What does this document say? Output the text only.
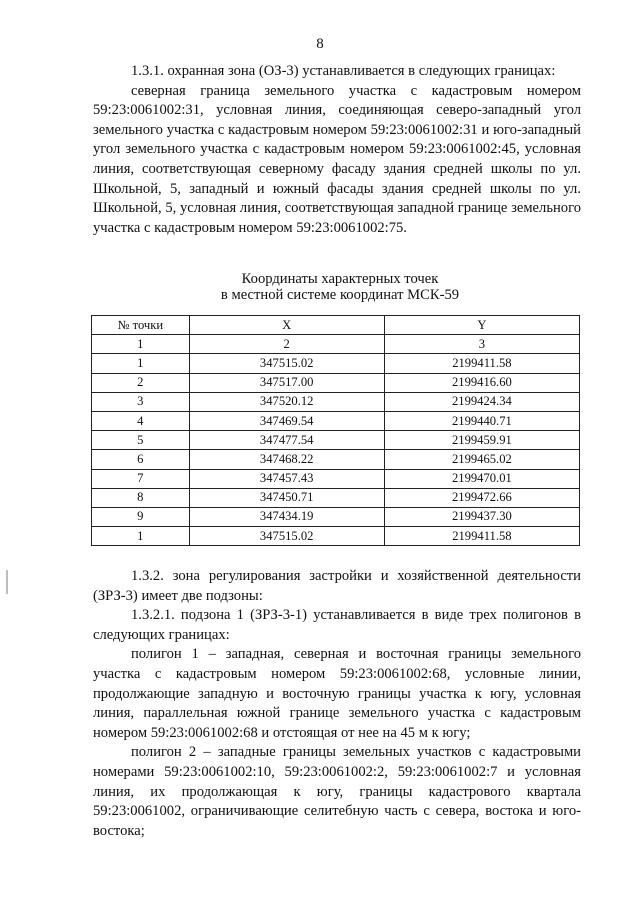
8

1.3.1. охранная зона (ОЗ-3) устанавливается в следующих границах:

северная граница земельного участка с кадастровым номером 59:23:0061002:31, условная линия, соединяющая северо-западный угол земельного участка с кадастровым номером 59:23:0061002:31 и юго-западный угол земельного участка с кадастровым номером 59:23:0061002:45, условная линия, соответствующая северному фасаду здания средней школы по ул. Школьной, 5, западный и южный фасады здания средней школы по ул. Школьной, 5, условная линия, соответствующая западной границе земельного участка с кадастровым номером 59:23:0061002:75.

Координаты характерных точек
в местной системе координат МСК-59
№ точки	X	Y
1	2	3
1	347515.02	2199411.58
2	347517.00	2199416.60
3	347520.12	2199424.34
4	347469.54	2199440.71
5	347477.54	2199459.91
6	347468.22	2199465.02
7	347457.43	2199470.01
8	347450.71	2199472.66
9	347434.19	2199437.30
1	347515.02	2199411.58

1.3.2. зона регулирования застройки и хозяйственной деятельности (ЗРЗ-3) имеет две подзоны:

1.3.2.1. подзона 1 (ЗРЗ-3-1) устанавливается в виде трех полигонов в следующих границах:

полигон 1 – западная, северная и восточная границы земельного участка с кадастровым номером 59:23:0061002:68, условные линии, продолжающие западную и восточную границы участка к югу, условная линия, параллельная южной границе земельного участка с кадастровым номером 59:23:0061002:68 и отстоящая от нее на 45 м к югу;

полигон 2 – западные границы земельных участков с кадастровыми номерами 59:23:0061002:10, 59:23:0061002:2, 59:23:0061002:7 и условная линия, их продолжающая к югу, границы кадастрового квартала 59:23:0061002, ограничивающие селитебную часть с севера, востока и юго-востока;
